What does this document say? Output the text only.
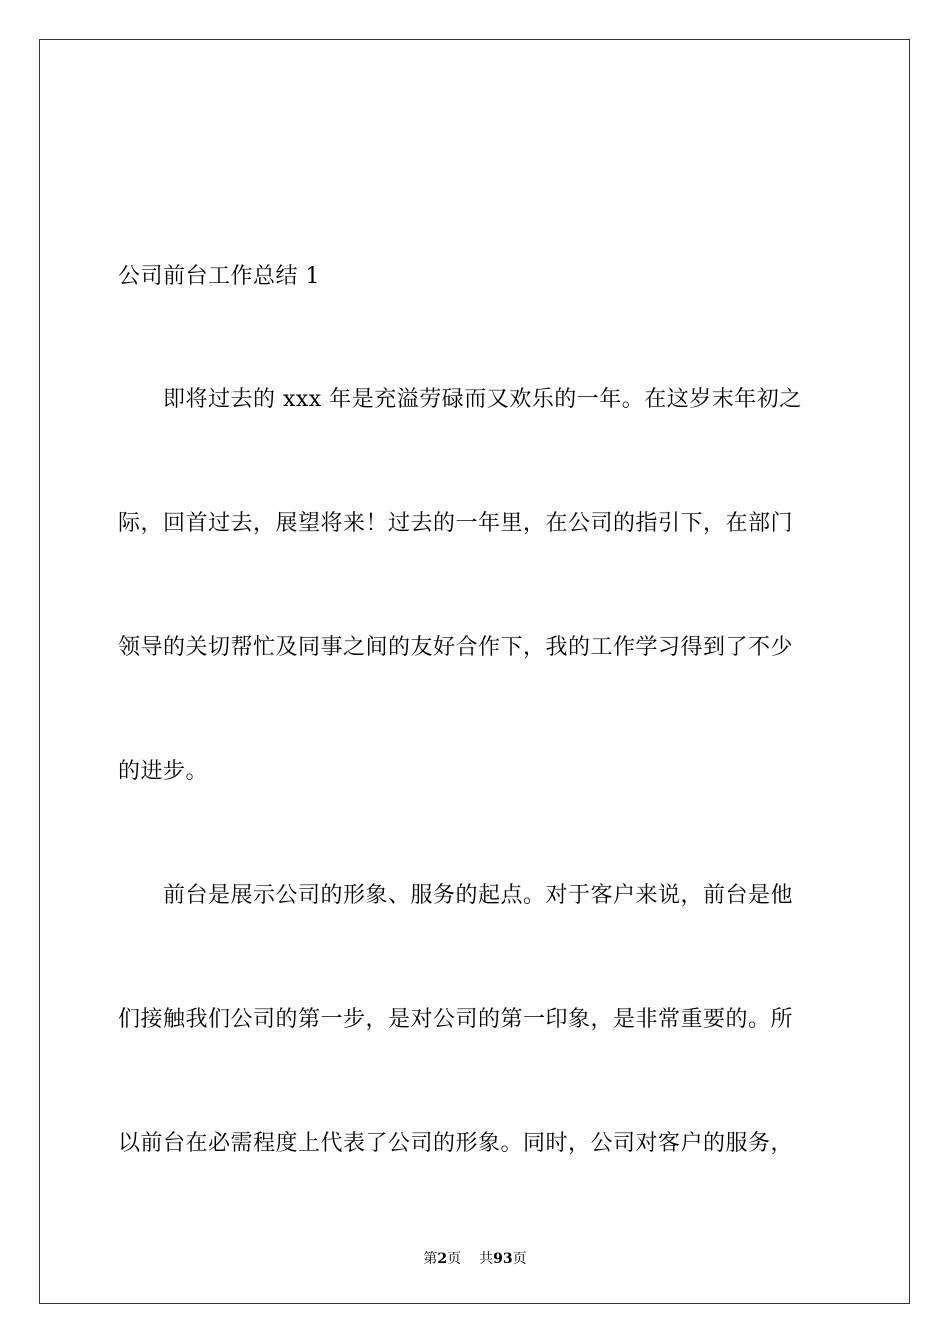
公司前台工作总结 1
即将过去的 xxx 年是充溢劳碌而又欢乐的一年。在这岁末年初之
际，回首过去，展望将来！过去的一年里，在公司的指引下，在部门
领导的关切帮忙及同事之间的友好合作下，我的工作学习得到了不少
的进步。
前台是展示公司的形象、服务的起点。对于客户来说，前台是他
们接触我们公司的第一步，是对公司的第一印象，是非常重要的。所
以前台在必需程度上代表了公司的形象。同时，公司对客户的服务，
第2页 共93页
